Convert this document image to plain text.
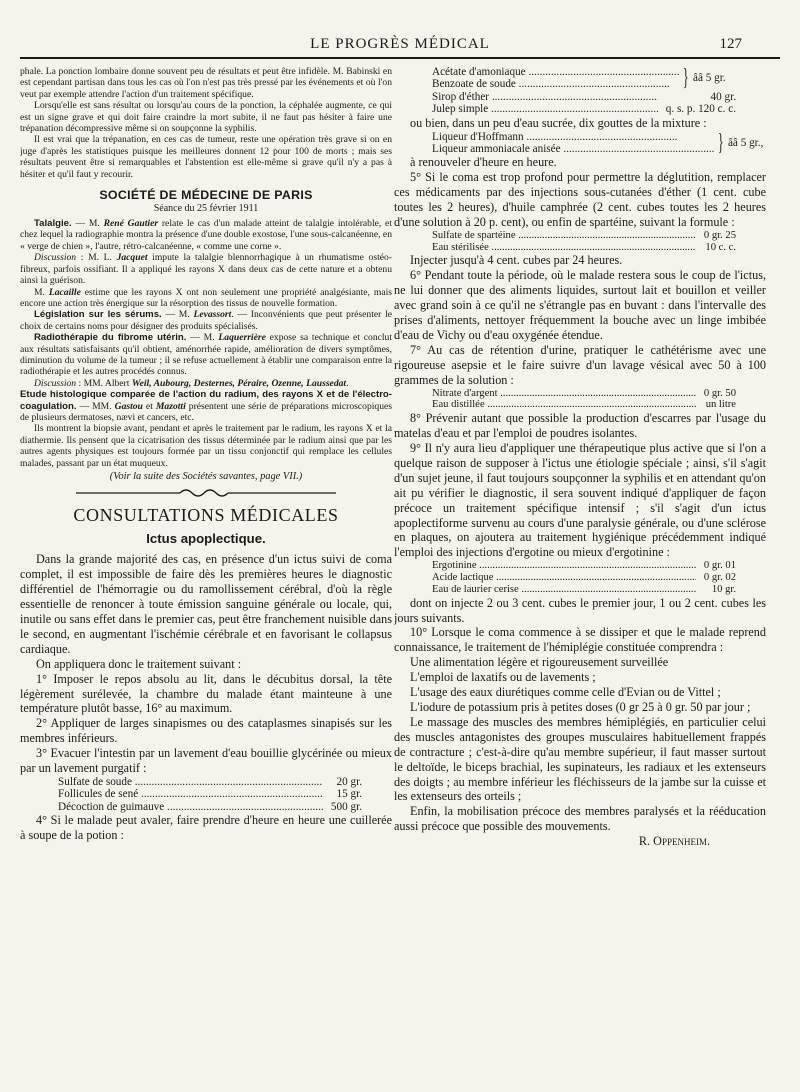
LE PROGRÈS MÉDICAL	127

phale. La ponction lombaire donne souvent peu de résultats et peut être infidèle. M. Babinski en est cependant partisan dans tous les cas où l'on n'est pas très pressé par les événements et où l'on veut par exemple attendre l'action d'un traitement spécifique.

Lorsqu'elle est sans résultat ou lorsqu'au cours de la ponction, la céphalée augmente, ce qui est un signe grave et qui doit faire craindre la mort subite, il ne faut pas hésiter à faire une trépanation décompressive même si on soupçonne la syphilis.

Il est vrai que la trépanation, en ces cas de tumeur, reste une opération très grave si on en juge d'après les statistiques puisque les meilleures donnent 12 pour 100 de morts ; mais ses résultats peuvent être si remarquables et l'abstention est elle-même si grave qu'il n'y a pas à hésiter et qu'il faut y recourir.

SOCIÉTÉ DE MÉDECINE DE PARIS
Séance du 25 février 1911

Talalgie. — M. René Gautier relate le cas d'un malade atteint de talalgie intolérable, et chez lequel la radiographie montra la présence d'une double exostose, l'une sous-calcanéenne, en « verge de chien », l'autre, rétro-calcanéenne, « comme une corne ».

Discussion : M. L. Jacquet impute la talalgie blennorrhagique à un rhumatisme ostéo-fibreux, parfois ossifiant. Il a appliqué les rayons X dans deux cas de cette nature et a obtenu ainsi la guérison.

M. Lacaille estime que les rayons X ont non seulement une propriété analgésiante, mais encore une action très énergique sur la résorption des tissus de nouvelle formation.

Législation sur les sérums. — M. Levassort. — Inconvénients que peut présenter le choix de certains noms pour désigner des produits spécialisés.

Radiothérapie du fibrome utérin. — M. Laquerrière expose sa technique et conclut aux résultats satisfaisants qu'il obtient, aménorrhée rapide, amélioration de divers symptômes, diminution du volume de la tumeur ; il se refuse actuellement à établir une comparaison entre la radiothérapie et les autres procédés connus.

Discussion : MM. Albert Weil, Aubourg, Desternes, Péraire, Ozenne, Laussedat.

Etude histologique comparée de l'action du radium, des rayons X et de l'électro-coagulation. — MM. Gastou et Mazotti présentent une série de préparations microscopiques de plusieurs dermatoses, nævi et cancers, etc.

Ils montrent la biopsie avant, pendant et après le traitement par le radium, les rayons X et la diathermie. Ils pensent que la cicatrisation des tissus déterminée par le radium ainsi que par les autres agents physiques est toujours formée par un tissu conjonctif qui remplace les cellules malades, passant par un état muqueux.

(Voir la suite des Sociétés savantes, page VII.)

CONSULTATIONS MÉDICALES
Ictus apoplectique.

Dans la grande majorité des cas, en présence d'un ictus suivi de coma complet, il est impossible de faire dès les premières heures le diagnostic différentiel de l'hémorragie ou du ramollissement cérébral, d'où la règle essentielle de renoncer à toute émission sanguine générale ou locale, qui, inutile ou sans effet dans le premier cas, peut être franchement nuisible dans le second, en augmentant l'ischémie cérébrale et en favorisant le collapsus cardiaque.

On appliquera donc le traitement suivant :

1° Imposer le repos absolu au lit, dans le décubitus dorsal, la tête légèrement surélevée, la chambre du malade étant mainteune à une température plutôt basse, 16° au maximum.

2° Appliquer de larges sinapismes ou des cataplasmes sinapisés sur les membres inférieurs.

3° Evacuer l'intestin par un lavement d'eau bouillie glycérinée ou mieux par un lavement purgatif :

Sulfate de soude .....	20 gr.
Follicules de sené .....	15 gr.
Décoction de guimauve .....	500 gr.

4° Si le malade peut avaler, faire prendre d'heure en heure une cuillerée à soupe de la potion :

Acétate d'amoniaque .....
Benzoate de soude .....	} ââ 5 gr.
Sirop d'éther .....	40 gr.
Julep simple .....	q. s. p. 120 c. c.

ou bien, dans un peu d'eau sucrée, dix gouttes de la mixture :

Liqueur d'Hoffmann .....
Liqueur ammoniacale anisée .....	} ââ 5 gr.,

à renouveler d'heure en heure.

5° Si le coma est trop profond pour permettre la déglutition, remplacer ces médicaments par des injections sous-cutanées d'éther (1 cent. cube toutes les 2 heures), d'huile camphrée (2 cent. cubes toutes les 2 heures d'une solution à 20 p. cent), ou enfin de spartéine, suivant la formule :

Sulfate de spartéine .....	0 gr. 25
Eau stérilisée .....	10 c. c.

Injecter jusqu'à 4 cent. cubes par 24 heures.

6° Pendant toute la période, où le malade restera sous le coup de l'ictus, ne lui donner que des aliments liquides, surtout lait et bouillon et veiller avec grand soin à ce qu'il ne s'étrangle pas en buvant : dans l'intervalle des prises d'aliments, nettoyer fréquemment la bouche avec un linge imbibée d'eau de Vichy ou d'eau oxygénée étendue.

7° Au cas de rétention d'urine, pratiquer le cathétérisme avec une rigoureuse asepsie et le faire suivre d'un lavage vésical avec 50 à 100 grammes de la solution :

Nitrate d'argent .....	0 gr. 50
Eau distillée .....	un litre

8° Prévenir autant que possible la production d'escarres par l'usage du matelas d'eau et par l'emploi de poudres isolantes.

9° Il n'y aura lieu d'appliquer une thérapeutique plus active que si l'on a quelque raison de supposer à l'ictus une étiologie spéciale ; ainsi, s'il s'agit d'un sujet jeune, il faut toujours soupçonner la syphilis et en attendant qu'on ait pu vérifier le diagnostic, il sera souvent indiqué d'appliquer de façon précoce un traitement spécifique intensif ; s'il s'agit d'un ictus apoplectiforme survenu au cours d'une paralysie générale, ou d'une sclérose en plaques, on ajoutera au traitement hygiénique précédemment indiqué l'emploi des injections d'ergotine ou mieux d'ergotinine :

Ergotinine .....	0 gr. 01
Acide lactique .....	0 gr. 02
Eau de laurier cerise .....	10 gr.

dont on injecte 2 ou 3 cent. cubes le premier jour, 1 ou 2 cent. cubes les jours suivants.

10° Lorsque le coma commence à se dissiper et que le malade reprend connaissance, le traitement de l'hémiplégie constituée comprendra :

Une alimentation légère et rigoureusement surveillée

L'emploi de laxatifs ou de lavements ;

L'usage des eaux diurétiques comme celle d'Evian ou de Vittel ;

L'iodure de potassium pris à petites doses (0 gr 25 à 0 gr. 50 par jour ;

Le massage des muscles des membres hémiplégiés, en particulier celui des muscles antagonistes des groupes musculaires habituellement frappés de contracture ; c'est-à-dire qu'au membre supérieur, il faut masser surtout le deltoïde, le biceps brachial, les supinateurs, les radiaux et les extenseurs des doigts ; au membre inférieur les fléchisseurs de la jambe sur la cuisse et les extenseurs des orteils ;

Enfin, la mobilisation précoce des membres paralysés et la rééducation aussi précoce que possible des mouvements.

R. Oppenheim.
